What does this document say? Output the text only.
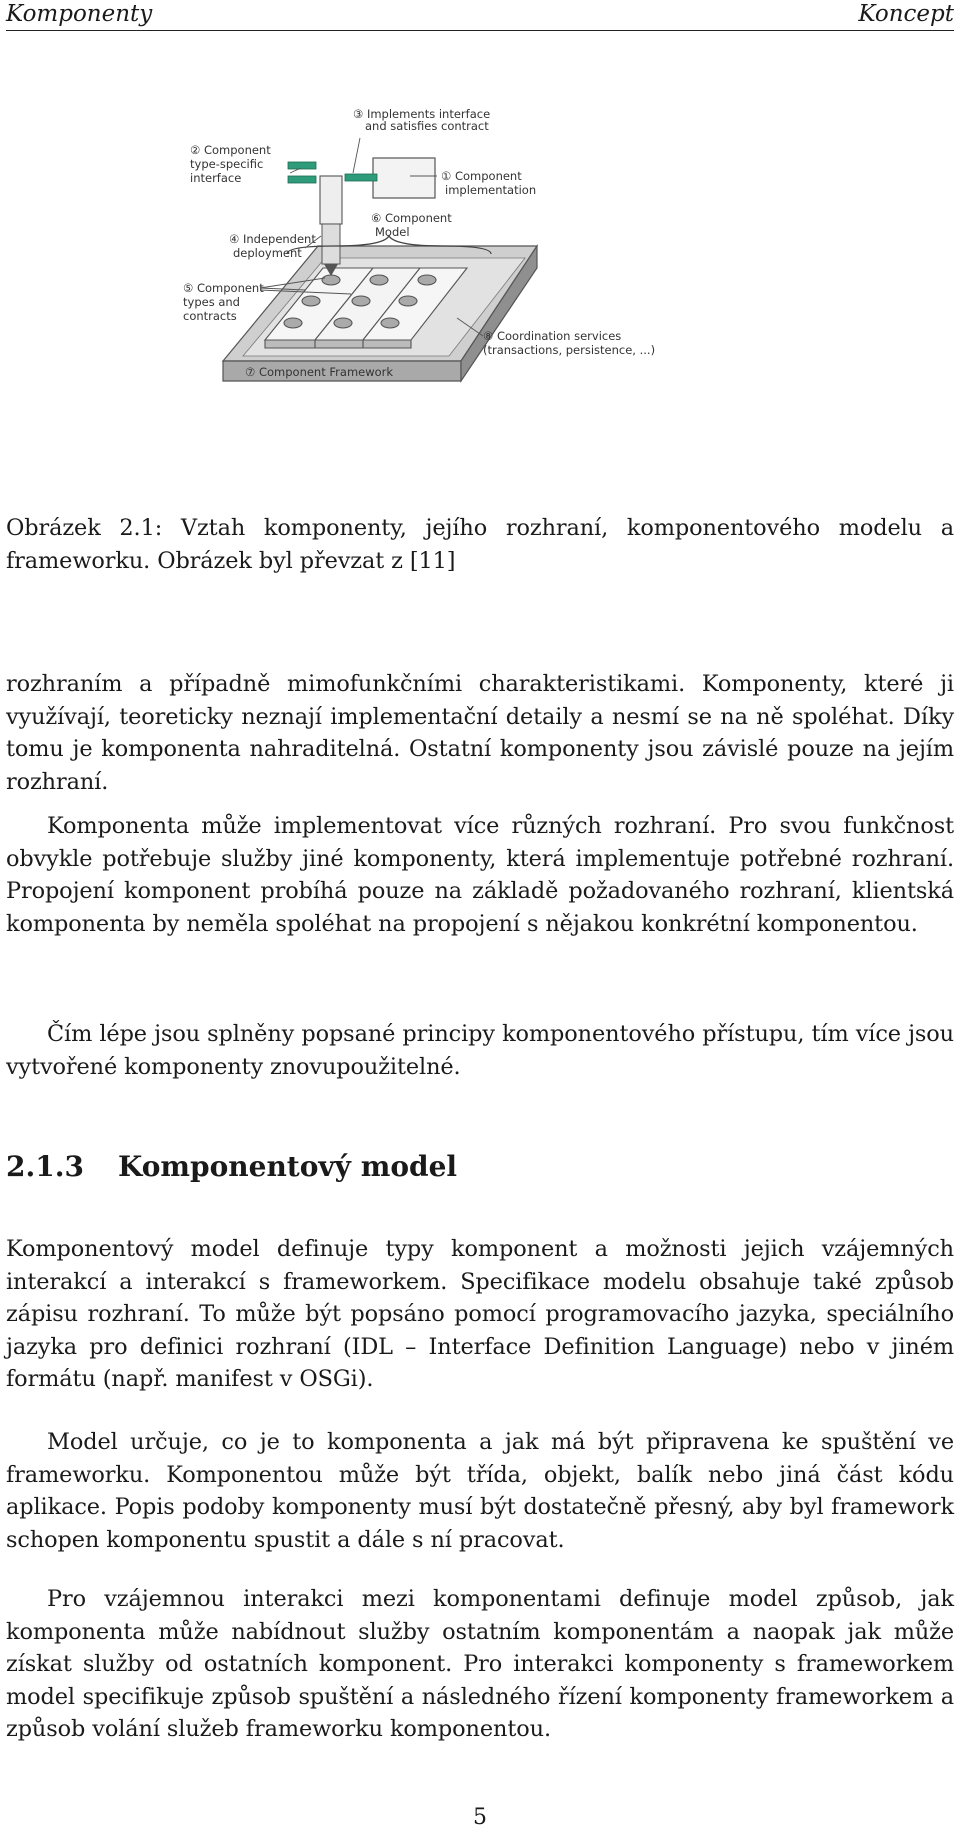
Komponenty	Koncept
③ Implements interface
and satisfies contract
② Component
type-specific
interface	① Component
implementation
⑥ Component
Model
④ Independent
deployment
⑤ Component
types and
contracts
⑧ Coordination services
(transactions, persistence, ...)
⑦ Component Framework

Obrázek 2.1: Vztah komponenty, jejího rozhraní, komponentového modelu a frameworku. Obrázek byl převzat z [11]

rozhraním a případně mimofunkčními charakteristikami. Komponenty, které ji využívají, teoreticky neznají implementační detaily a nesmí se na ně spoléhat. Díky tomu je komponenta nahraditelná. Ostatní komponenty jsou závislé pouze na jejím rozhraní.

Komponenta může implementovat více různých rozhraní. Pro svou funkčnost obvykle potřebuje služby jiné komponenty, která implementuje potřebné rozhraní. Propojení komponent probíhá pouze na základě požadovaného rozhraní, klientská komponenta by neměla spoléhat na propojení s nějakou konkrétní komponentou.

Čím lépe jsou splněny popsané principy komponentového přístupu, tím více jsou vytvořené komponenty znovupoužitelné.

2.1.3 Komponentový model

Komponentový model definuje typy komponent a možnosti jejich vzájemných interakcí a interakcí s frameworkem. Specifikace modelu obsahuje také způsob zápisu rozhraní. To může být popsáno pomocí programovacího jazyka, speciálního jazyka pro definici rozhraní (IDL – Interface Definition Language) nebo v jiném formátu (např. manifest v OSGi).

Model určuje, co je to komponenta a jak má být připravena ke spuštění ve frameworku. Komponentou může být třída, objekt, balík nebo jiná část kódu aplikace. Popis podoby komponenty musí být dostatečně přesný, aby byl framework schopen komponentu spustit a dále s ní pracovat.

Pro vzájemnou interakci mezi komponentami definuje model způsob, jak komponenta může nabídnout služby ostatním komponentám a naopak jak může získat služby od ostatních komponent. Pro interakci komponenty s frameworkem model specifikuje způsob spuštění a následného řízení komponenty frameworkem a způsob volání služeb frameworku komponentou.

5
